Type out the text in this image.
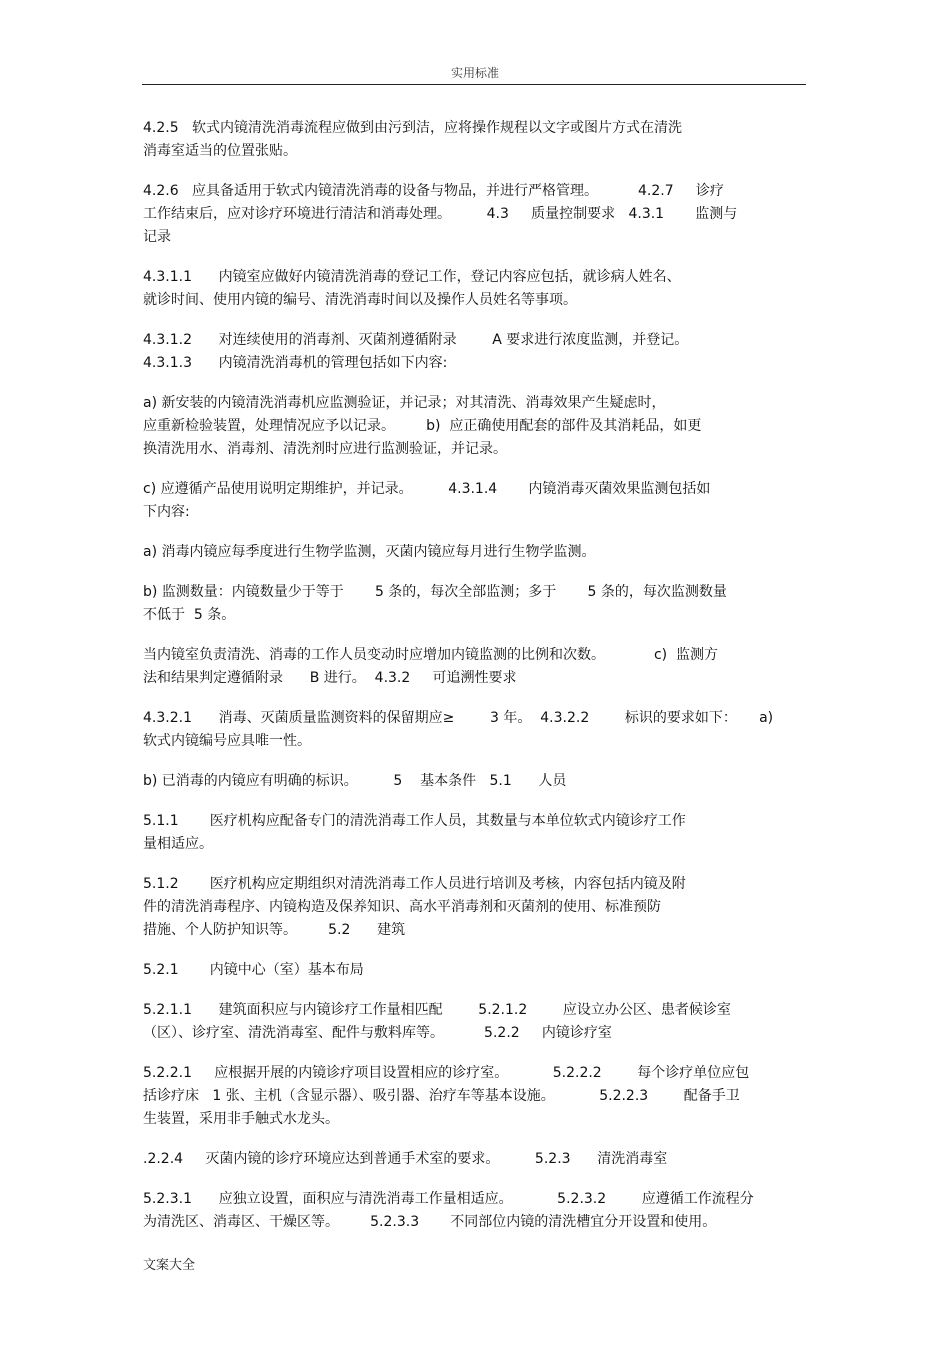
实用标准
4.2.5   软式内镜清洗消毒流程应做到由污到洁，应将操作规程以文字或图片方式在清洗
消毒室适当的位置张贴。
4.2.6   应具备适用于软式内镜清洗消毒的设备与物品，并进行严格管理。         4.2.7     诊疗
工作结束后，应对诊疗环境进行清洁和消毒处理。        4.3     质量控制要求   4.3.1       监测与
记录
4.3.1.1      内镜室应做好内镜清洗消毒的登记工作，登记内容应包括，就诊病人姓名、
就诊时间、使用内镜的编号、清洗消毒时间以及操作人员姓名等事项。
4.3.1.2      对连续使用的消毒剂、灭菌剂遵循附录        A 要求进行浓度监测，并登记。
4.3.1.3      内镜清洗消毒机的管理包括如下内容:
a) 新安装的内镜清洗消毒机应监测验证，并记录；对其清洗、消毒效果产生疑虑时，
应重新检验装置，处理情况应予以记录。       b)  应正确使用配套的部件及其消耗品，如更
换清洗用水、消毒剂、清洗剂时应进行监测验证，并记录。
c) 应遵循产品使用说明定期维护，并记录。        4.3.1.4       内镜消毒灭菌效果监测包括如
下内容:
a) 消毒内镜应每季度进行生物学监测，灭菌内镜应每月进行生物学监测。
b) 监测数量：内镜数量少于等于       5 条的，每次全部监测；多于       5 条的，每次监测数量
不低于  5 条。
当内镜室负责清洗、消毒的工作人员变动时应增加内镜监测的比例和次数。           c)  监测方
法和结果判定遵循附录      B 进行。  4.3.2     可追溯性要求
4.3.2.1      消毒、灭菌质量监测资料的保留期应≥        3 年。  4.3.2.2        标识的要求如下：     a)
软式内镜编号应具唯一性。
b) 已消毒的内镜应有明确的标识。        5    基本条件   5.1      人员
5.1.1       医疗机构应配备专门的清洗消毒工作人员，其数量与本单位软式内镜诊疗工作
量相适应。
5.1.2       医疗机构应定期组织对清洗消毒工作人员进行培训及考核，内容包括内镜及附
件的清洗消毒程序、内镜构造及保养知识、高水平消毒剂和灭菌剂的使用、标准预防
措施、个人防护知识等。       5.2      建筑
5.2.1       内镜中心（室）基本布局
5.2.1.1      建筑面积应与内镜诊疗工作量相匹配        5.2.1.2        应设立办公区、患者候诊室
（区）、诊疗室、清洗消毒室、配件与敷料库等。         5.2.2     内镜诊疗室
5.2.2.1     应根据开展的内镜诊疗项目设置相应的诊疗室。          5.2.2.2        每个诊疗单位应包
括诊疗床   1 张、主机（含显示器）、吸引器、治疗车等基本设施。          5.2.2.3        配备手卫
生装置，采用非手触式水龙头。
.2.2.4     灭菌内镜的诊疗环境应达到普通手术室的要求。        5.2.3      清洗消毒室
5.2.3.1      应独立设置，面积应与清洗消毒工作量相适应。          5.2.3.2        应遵循工作流程分
为清洗区、消毒区、干燥区等。       5.2.3.3       不同部位内镜的清洗槽宜分开设置和使用。
文案大全
